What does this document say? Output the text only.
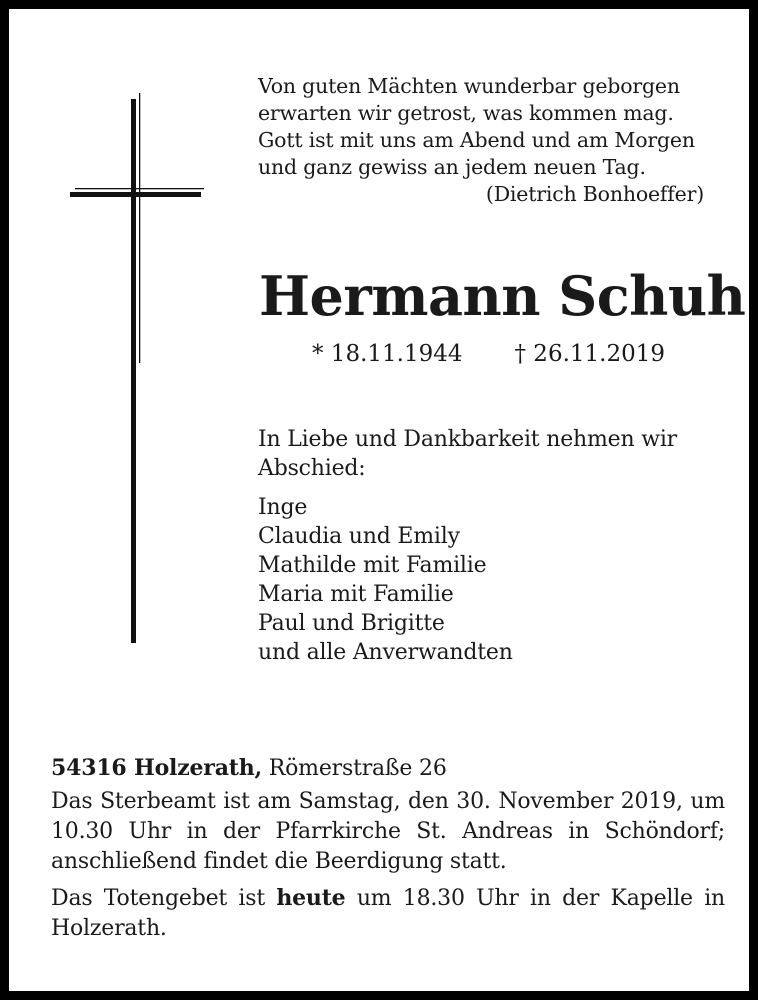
Von guten Mächten wunderbar geborgen
erwarten wir getrost, was kommen mag.
Gott ist mit uns am Abend und am Morgen
und ganz gewiss an jedem neuen Tag.
(Dietrich Bonhoeffer)
Hermann Schuh
* 18.11.1944 † 26.11.2019
In Liebe und Dankbarkeit nehmen wir Abschied:
Inge
Claudia und Emily
Mathilde mit Familie
Maria mit Familie
Paul und Brigitte
und alle Anverwandten

54316 Holzerath, Römerstraße 26

Das Sterbeamt ist am Samstag, den 30. November 2019, um 10.30 Uhr in der Pfarrkirche St. Andreas in Schöndorf; anschließend findet die Beerdigung statt.

Das Totengebet ist heute um 18.30 Uhr in der Kapelle in Holzerath.
